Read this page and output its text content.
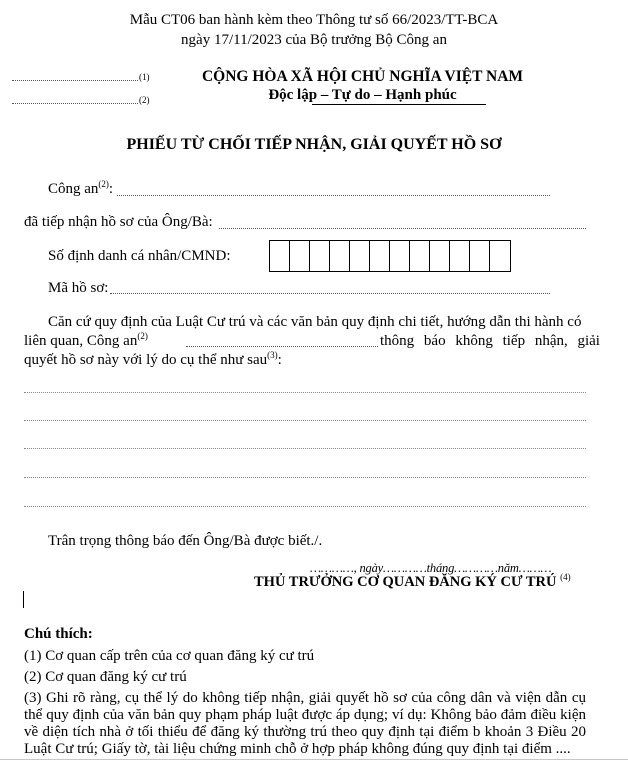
Mẫu CT06 ban hành kèm theo Thông tư số 66/2023/TT-BCA
ngày 17/11/2023 của Bộ trưởng Bộ Công an
(1)
(2)
CỘNG HÒA XÃ HỘI CHỦ NGHĨA VIỆT NAM
Độc lập – Tự do – Hạnh phúc
PHIẾU TỪ CHỐI TIẾP NHẬN, GIẢI QUYẾT HỒ SƠ
Công $an^{(2)}$:
đã tiếp nhận hồ sơ của Ông/Bà:
Số định danh cá nhân/CMND:
Mã hồ sơ:
Căn cứ quy định của Luật Cư trú và các văn bản quy định chi tiết, hướng dẫn thi hành có
liên quan, Công $an^{(2)}$	thông báo không tiếp nhận, giải
quyết hồ sơ này với lý do cụ thể như sau$^{(3)}$:
Trân trọng thông báo đến Ông/Bà được biết./.
…………, ngày…………tháng…………năm………
THỦ TRƯỞNG CƠ QUAN ĐĂNG KÝ CƯ TRÚ $^{(4)}$
Chú thích:
(1) Cơ quan cấp trên của cơ quan đăng ký cư trú
(2) Cơ quan đăng ký cư trú
(3) Ghi rõ ràng, cụ thể lý do không tiếp nhận, giải quyết hồ sơ của công dân và viện dẫn cụ
thể quy định của văn bản quy phạm pháp luật được áp dụng; ví dụ: Không bảo đảm điều kiện
về diện tích nhà ở tối thiểu để đăng ký thường trú theo quy định tại điểm b khoản 3 Điều 20
Luật Cư trú; Giấy tờ, tài liệu chứng minh chỗ ở hợp pháp không đúng quy định tại điểm ....
